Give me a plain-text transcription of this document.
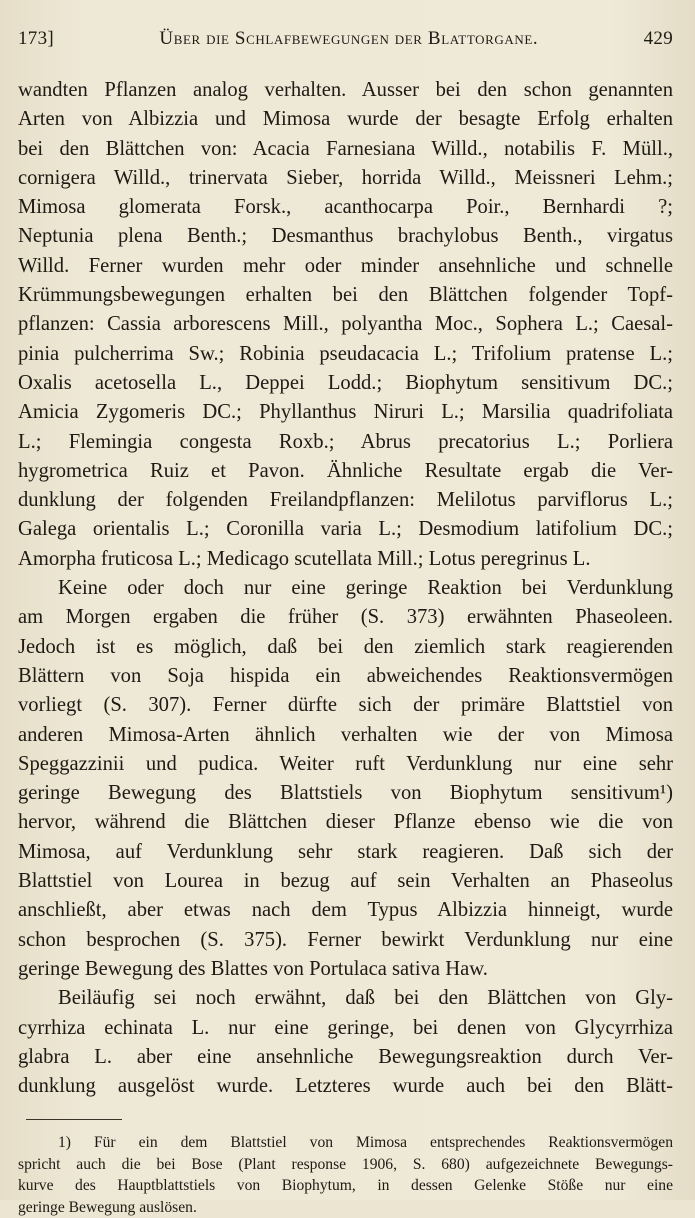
173]	Über die Schlafbewegungen der Blattorgane.	429
wandten Pflanzen analog verhalten. Ausser bei den schon genannten
Arten von Albizzia und Mimosa wurde der besagte Erfolg erhalten
bei den Blättchen von: Acacia Farnesiana Willd., notabilis F. Müll.,
cornigera Willd., trinervata Sieber, horrida Willd., Meissneri Lehm.;
Mimosa glomerata Forsk., acanthocarpa Poir., Bernhardi ?;
Neptunia plena Benth.; Desmanthus brachylobus Benth., virgatus
Willd. Ferner wurden mehr oder minder ansehnliche und schnelle
Krümmungsbewegungen erhalten bei den Blättchen folgender Topf-
pflanzen: Cassia arborescens Mill., polyantha Moc., Sophera L.; Caesal-
pinia pulcherrima Sw.; Robinia pseudacacia L.; Trifolium pratense L.;
Oxalis acetosella L., Deppei Lodd.; Biophytum sensitivum DC.;
Amicia Zygomeris DC.; Phyllanthus Niruri L.; Marsilia quadrifoliata
L.; Flemingia congesta Roxb.; Abrus precatorius L.; Porliera
hygrometrica Ruiz et Pavon. Ähnliche Resultate ergab die Ver-
dunklung der folgenden Freilandpflanzen: Melilotus parviflorus L.;
Galega orientalis L.; Coronilla varia L.; Desmodium latifolium DC.;
Amorpha fruticosa L.; Medicago scutellata Mill.; Lotus peregrinus L.
Keine oder doch nur eine geringe Reaktion bei Verdunklung
am Morgen ergaben die früher (S. 373) erwähnten Phaseoleen.
Jedoch ist es möglich, daß bei den ziemlich stark reagierenden
Blättern von Soja hispida ein abweichendes Reaktionsvermögen
vorliegt (S. 307). Ferner dürfte sich der primäre Blattstiel von
anderen Mimosa-Arten ähnlich verhalten wie der von Mimosa
Speggazzinii und pudica. Weiter ruft Verdunklung nur eine sehr
geringe Bewegung des Blattstiels von Biophytum sensitivum¹)
hervor, während die Blättchen dieser Pflanze ebenso wie die von
Mimosa, auf Verdunklung sehr stark reagieren. Daß sich der
Blattstiel von Lourea in bezug auf sein Verhalten an Phaseolus
anschließt, aber etwas nach dem Typus Albizzia hinneigt, wurde
schon besprochen (S. 375). Ferner bewirkt Verdunklung nur eine
geringe Bewegung des Blattes von Portulaca sativa Haw.
Beiläufig sei noch erwähnt, daß bei den Blättchen von Gly-
cyrrhiza echinata L. nur eine geringe, bei denen von Glycyrrhiza
glabra L. aber eine ansehnliche Bewegungsreaktion durch Ver-
dunklung ausgelöst wurde. Letzteres wurde auch bei den Blätt-
1) Für ein dem Blattstiel von Mimosa entsprechendes Reaktionsvermögen
spricht auch die bei Bose (Plant response 1906, S. 680) aufgezeichnete Bewegungs-
kurve des Hauptblattstiels von Biophytum, in dessen Gelenke Stöße nur eine
geringe Bewegung auslösen.
